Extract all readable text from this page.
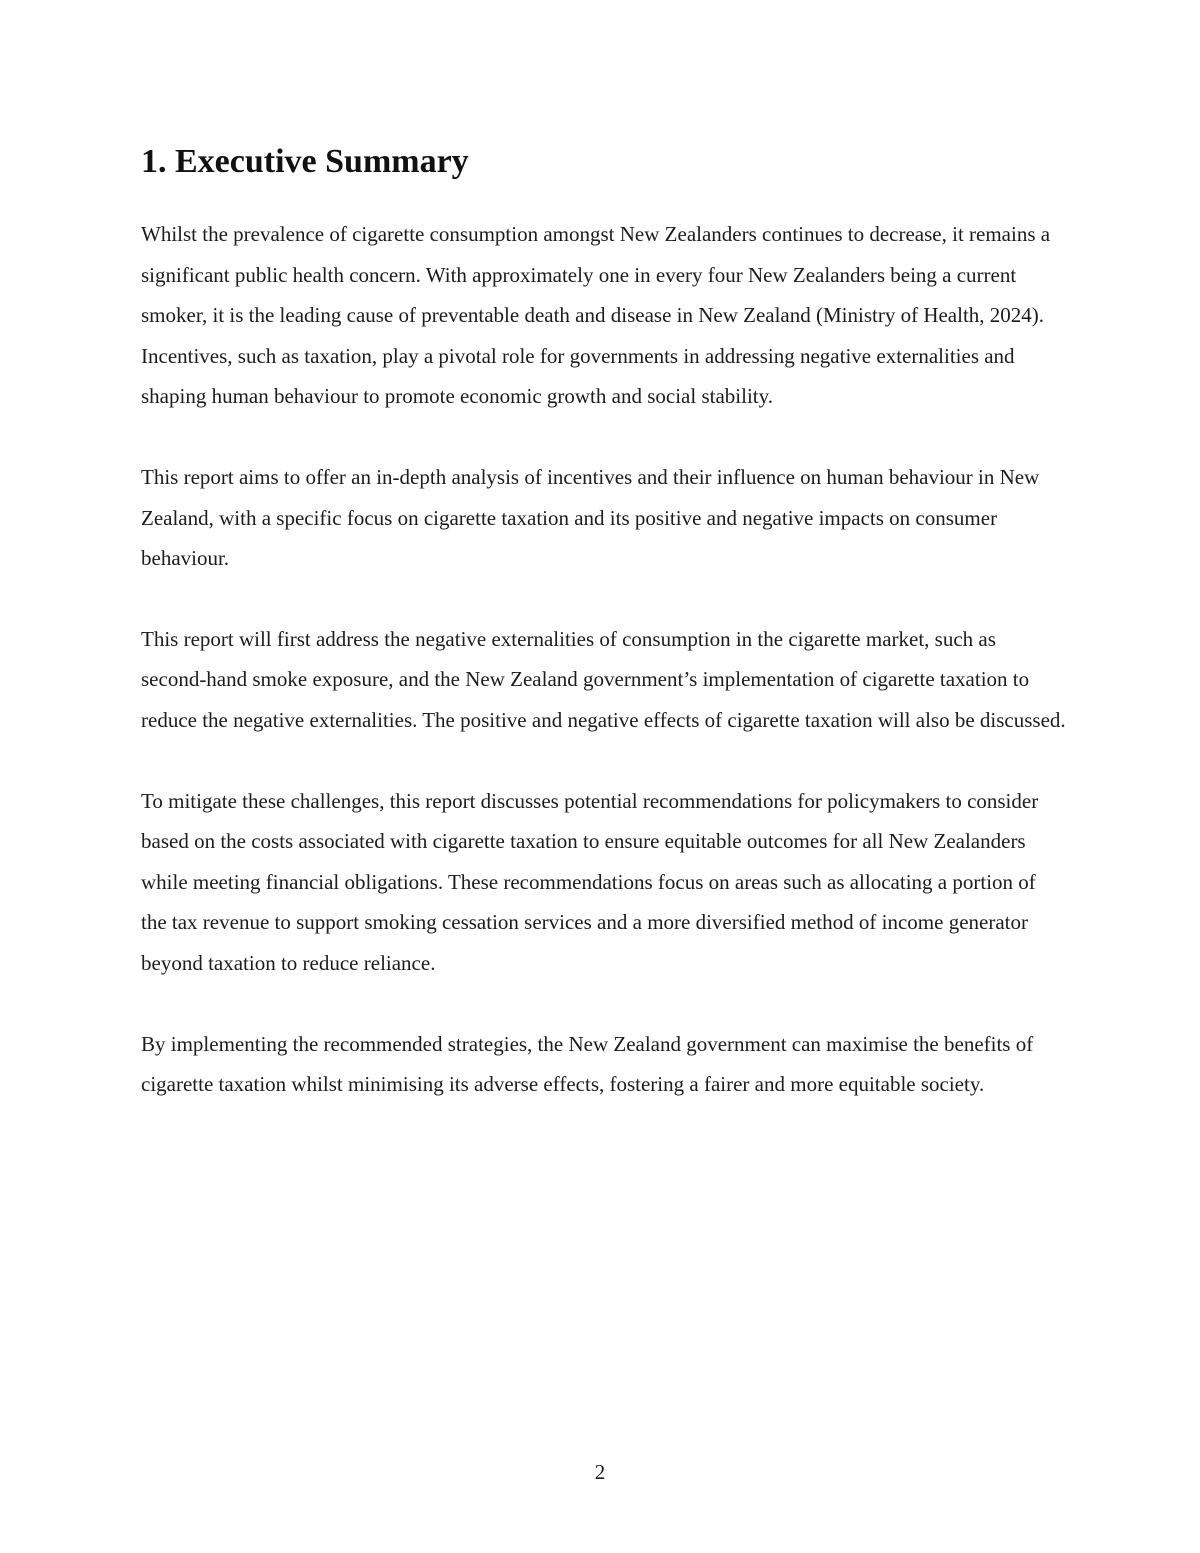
1. Executive Summary

Whilst the prevalence of cigarette consumption amongst New Zealanders continues to decrease, it remains a significant public health concern. With approximately one in every four New Zealanders being a current smoker, it is the leading cause of preventable death and disease in New Zealand (Ministry of Health, 2024). Incentives, such as taxation, play a pivotal role for governments in addressing negative externalities and shaping human behaviour to promote economic growth and social stability.

This report aims to offer an in-depth analysis of incentives and their influence on human behaviour in New Zealand, with a specific focus on cigarette taxation and its positive and negative impacts on consumer behaviour.

This report will first address the negative externalities of consumption in the cigarette market, such as second-hand smoke exposure, and the New Zealand government’s implementation of cigarette taxation to reduce the negative externalities. The positive and negative effects of cigarette taxation will also be discussed.

To mitigate these challenges, this report discusses potential recommendations for policymakers to consider based on the costs associated with cigarette taxation to ensure equitable outcomes for all New Zealanders while meeting financial obligations. These recommendations focus on areas such as allocating a portion of the tax revenue to support smoking cessation services and a more diversified method of income generator beyond taxation to reduce reliance.

By implementing the recommended strategies, the New Zealand government can maximise the benefits of cigarette taxation whilst minimising its adverse effects, fostering a fairer and more equitable society.

2
